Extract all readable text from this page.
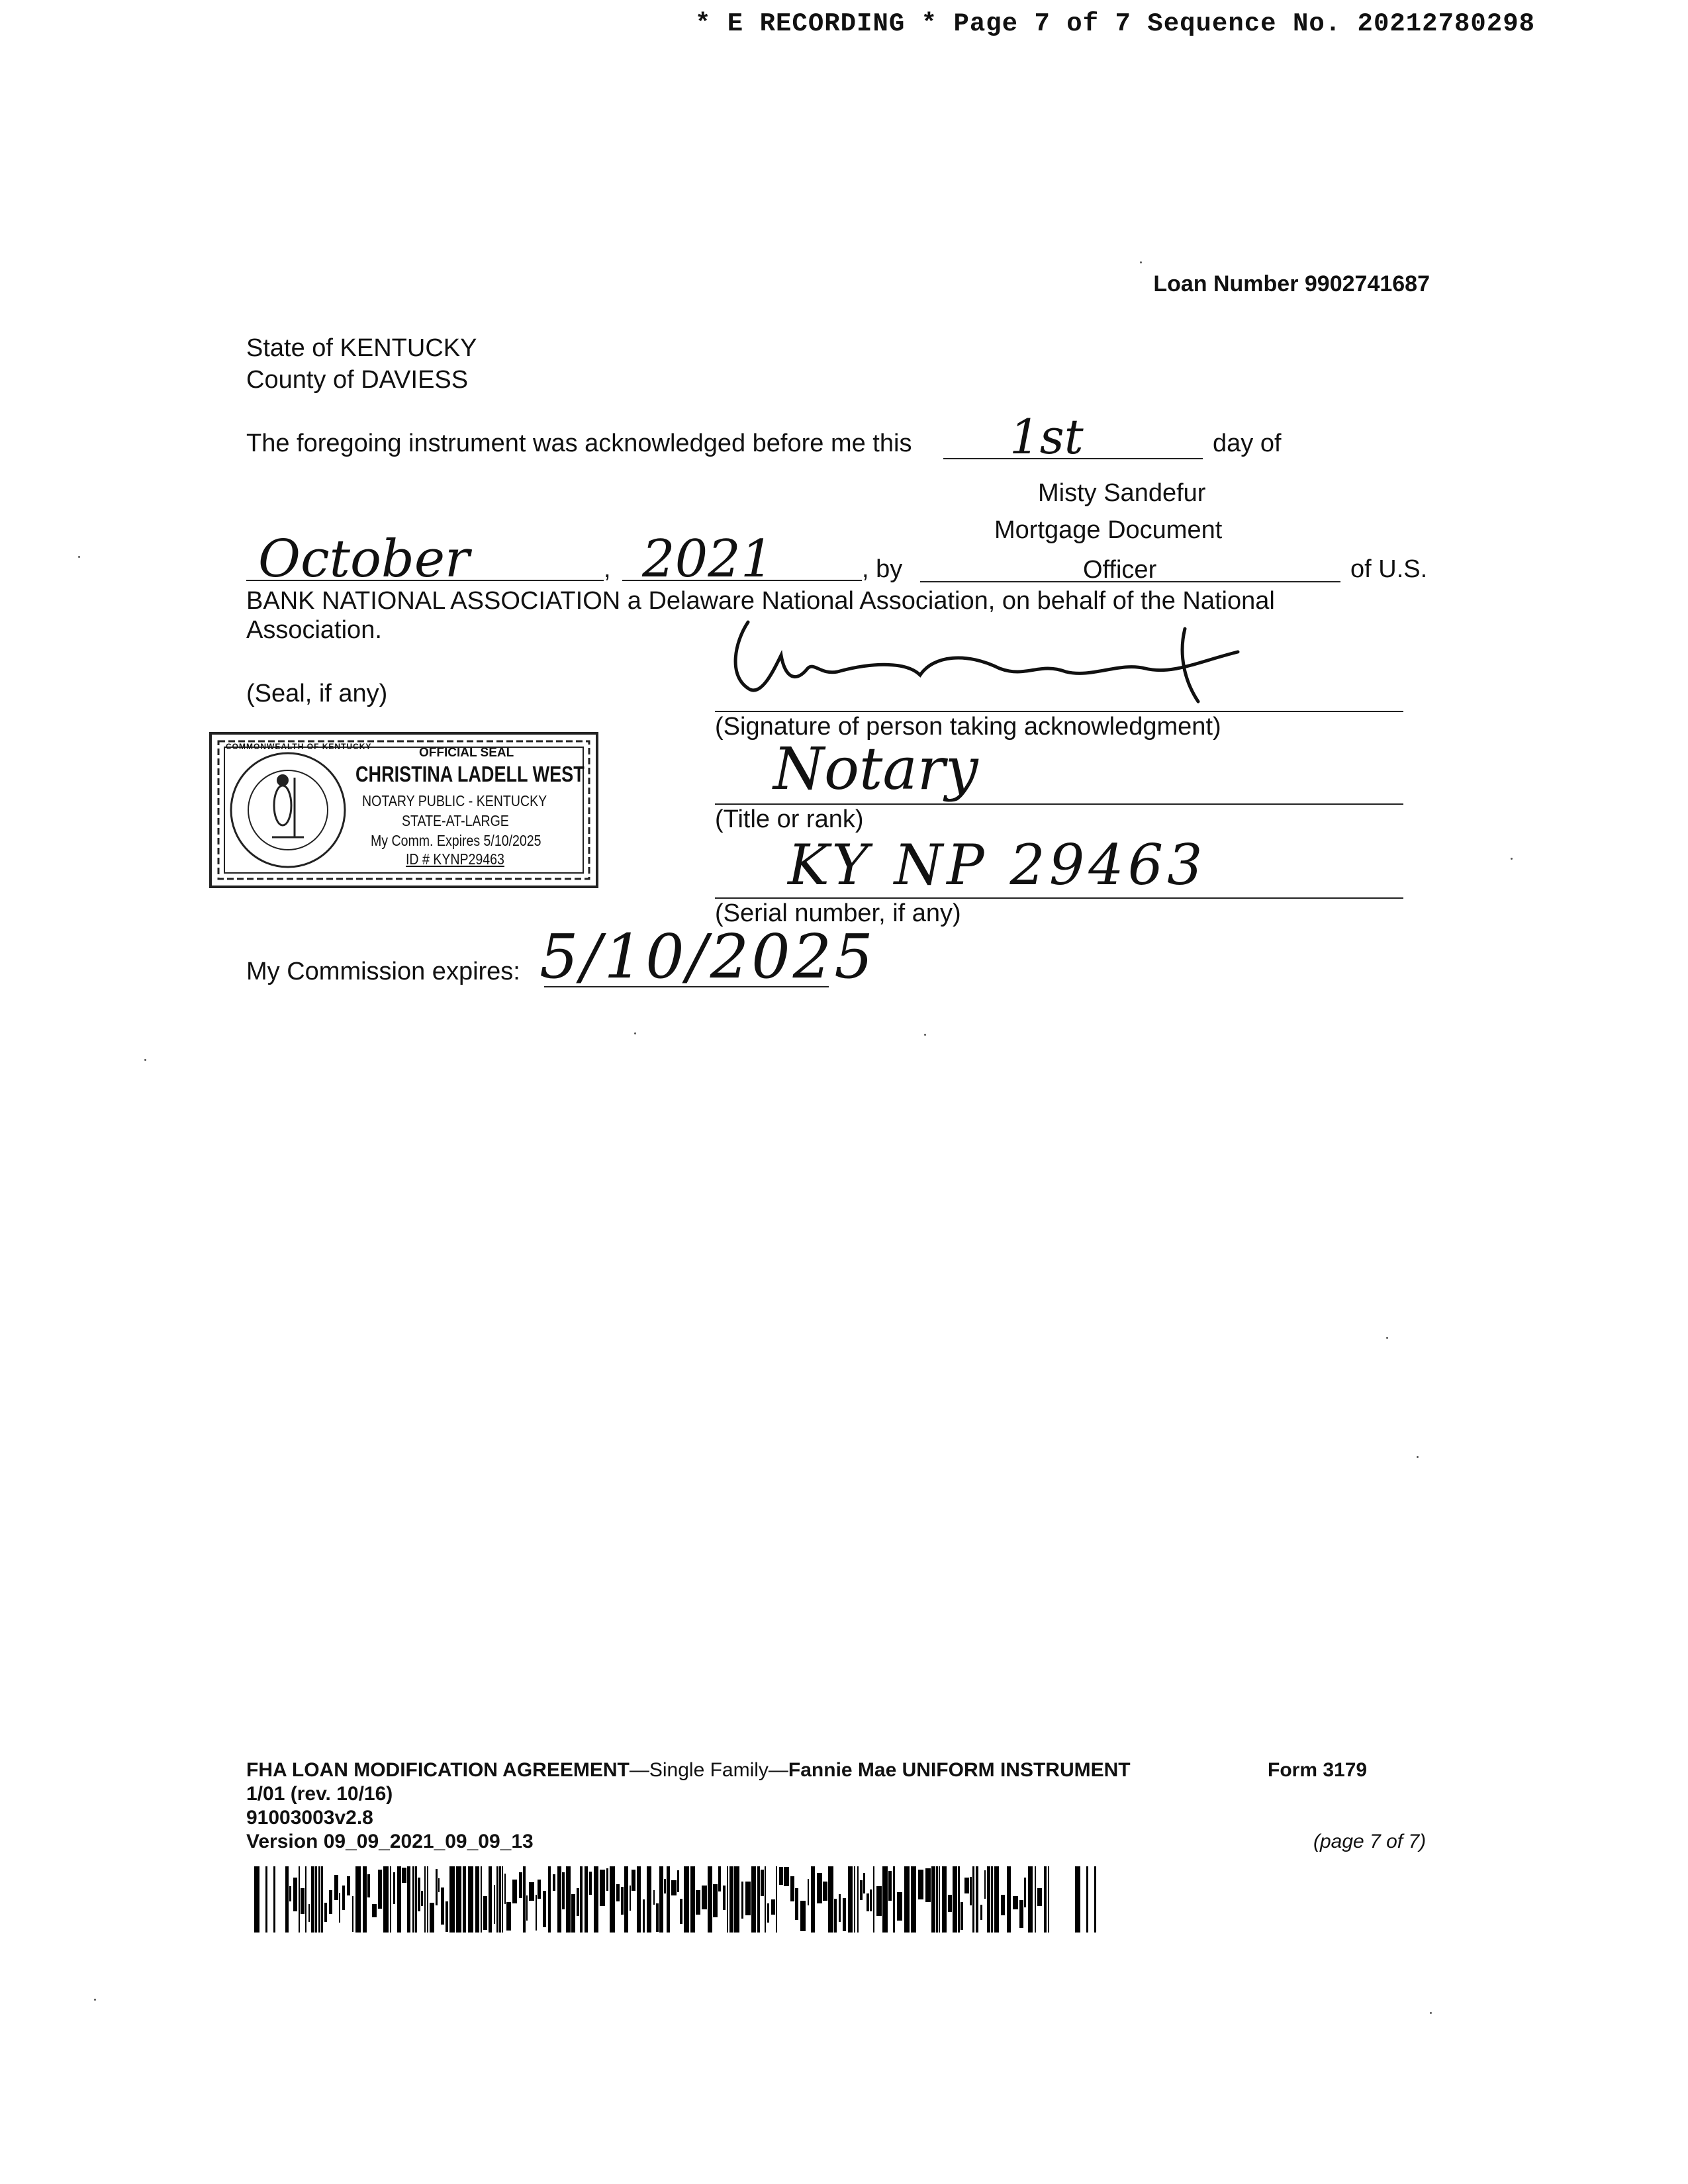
* E RECORDING * Page 7 of 7 Sequence No. 20212780298
Loan Number 9902741687
State of KENTUCKY
County of DAVIESS
The foregoing instrument was acknowledged before me this 1st	day of
Misty Sandefur
Mortgage Document
October	, 2021	, by	Officer	of U.S.
BANK NATIONAL ASSOCIATION a Delaware National Association, on behalf of the National
Association.
(Seal, if any)
COMMONWEALTH OF KENTUCKY	OFFICIAL SEAL
CHRISTINA LADELL WEST
NOTARY PUBLIC - KENTUCKY
STATE-AT-LARGE
My Comm. Expires 5/10/2025
ID # KYNP29463
(Signature of person taking acknowledgment)
Notary
(Title or rank)
KY NP 29463
(Serial number, if any)
My Commission expires: 5/10/2025
FHA LOAN MODIFICATION AGREEMENT—Single Family—Fannie Mae UNIFORM INSTRUMENT	Form 3179
1/01 (rev. 10/16)
91003003v2.8
Version 09_09_2021_09_09_13	(page 7 of 7)
